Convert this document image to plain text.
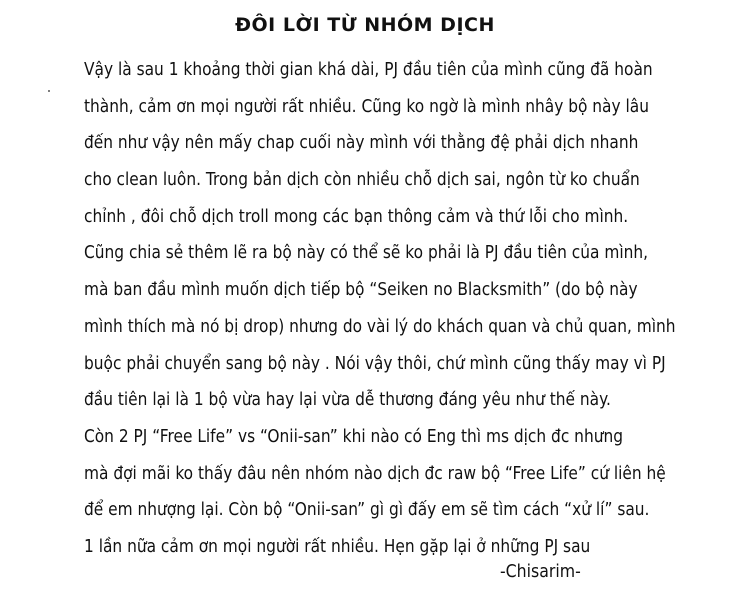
ĐÔI LỜI TỪ NHÓM DỊCH
Vậy là sau 1 khoảng thời gian khá dài, PJ đầu tiên của mình cũng đã hoàn
thành, cảm ơn mọi người rất nhiều. Cũng ko ngờ là mình nhây bộ này lâu
đến như vậy nên mấy chap cuối này mình với thằng đệ phải dịch nhanh
cho clean luôn. Trong bản dịch còn nhiều chỗ dịch sai, ngôn từ ko chuẩn
chỉnh , đôi chỗ dịch troll mong các bạn thông cảm và thứ lỗi cho mình.
Cũng chia sẻ thêm lẽ ra bộ này có thể sẽ ko phải là PJ đầu tiên của mình,
mà ban đầu mình muốn dịch tiếp bộ “Seiken no Blacksmith” (do bộ này
mình thích mà nó bị drop) nhưng do vài lý do khách quan và chủ quan, mình
buộc phải chuyển sang bộ này . Nói vậy thôi, chứ mình cũng thấy may vì PJ
đầu tiên lại là 1 bộ vừa hay lại vừa dễ thương đáng yêu như thế này.
Còn 2 PJ “Free Life” vs “Onii-san” khi nào có Eng thì ms dịch đc nhưng
mà đợi mãi ko thấy đâu nên nhóm nào dịch đc raw bộ “Free Life” cứ liên hệ
để em nhượng lại. Còn bộ “Onii-san” gì gì đấy em sẽ tìm cách “xử lí” sau.
1 lần nữa cảm ơn mọi người rất nhiều. Hẹn gặp lại ở những PJ sau
-Chisarim-
